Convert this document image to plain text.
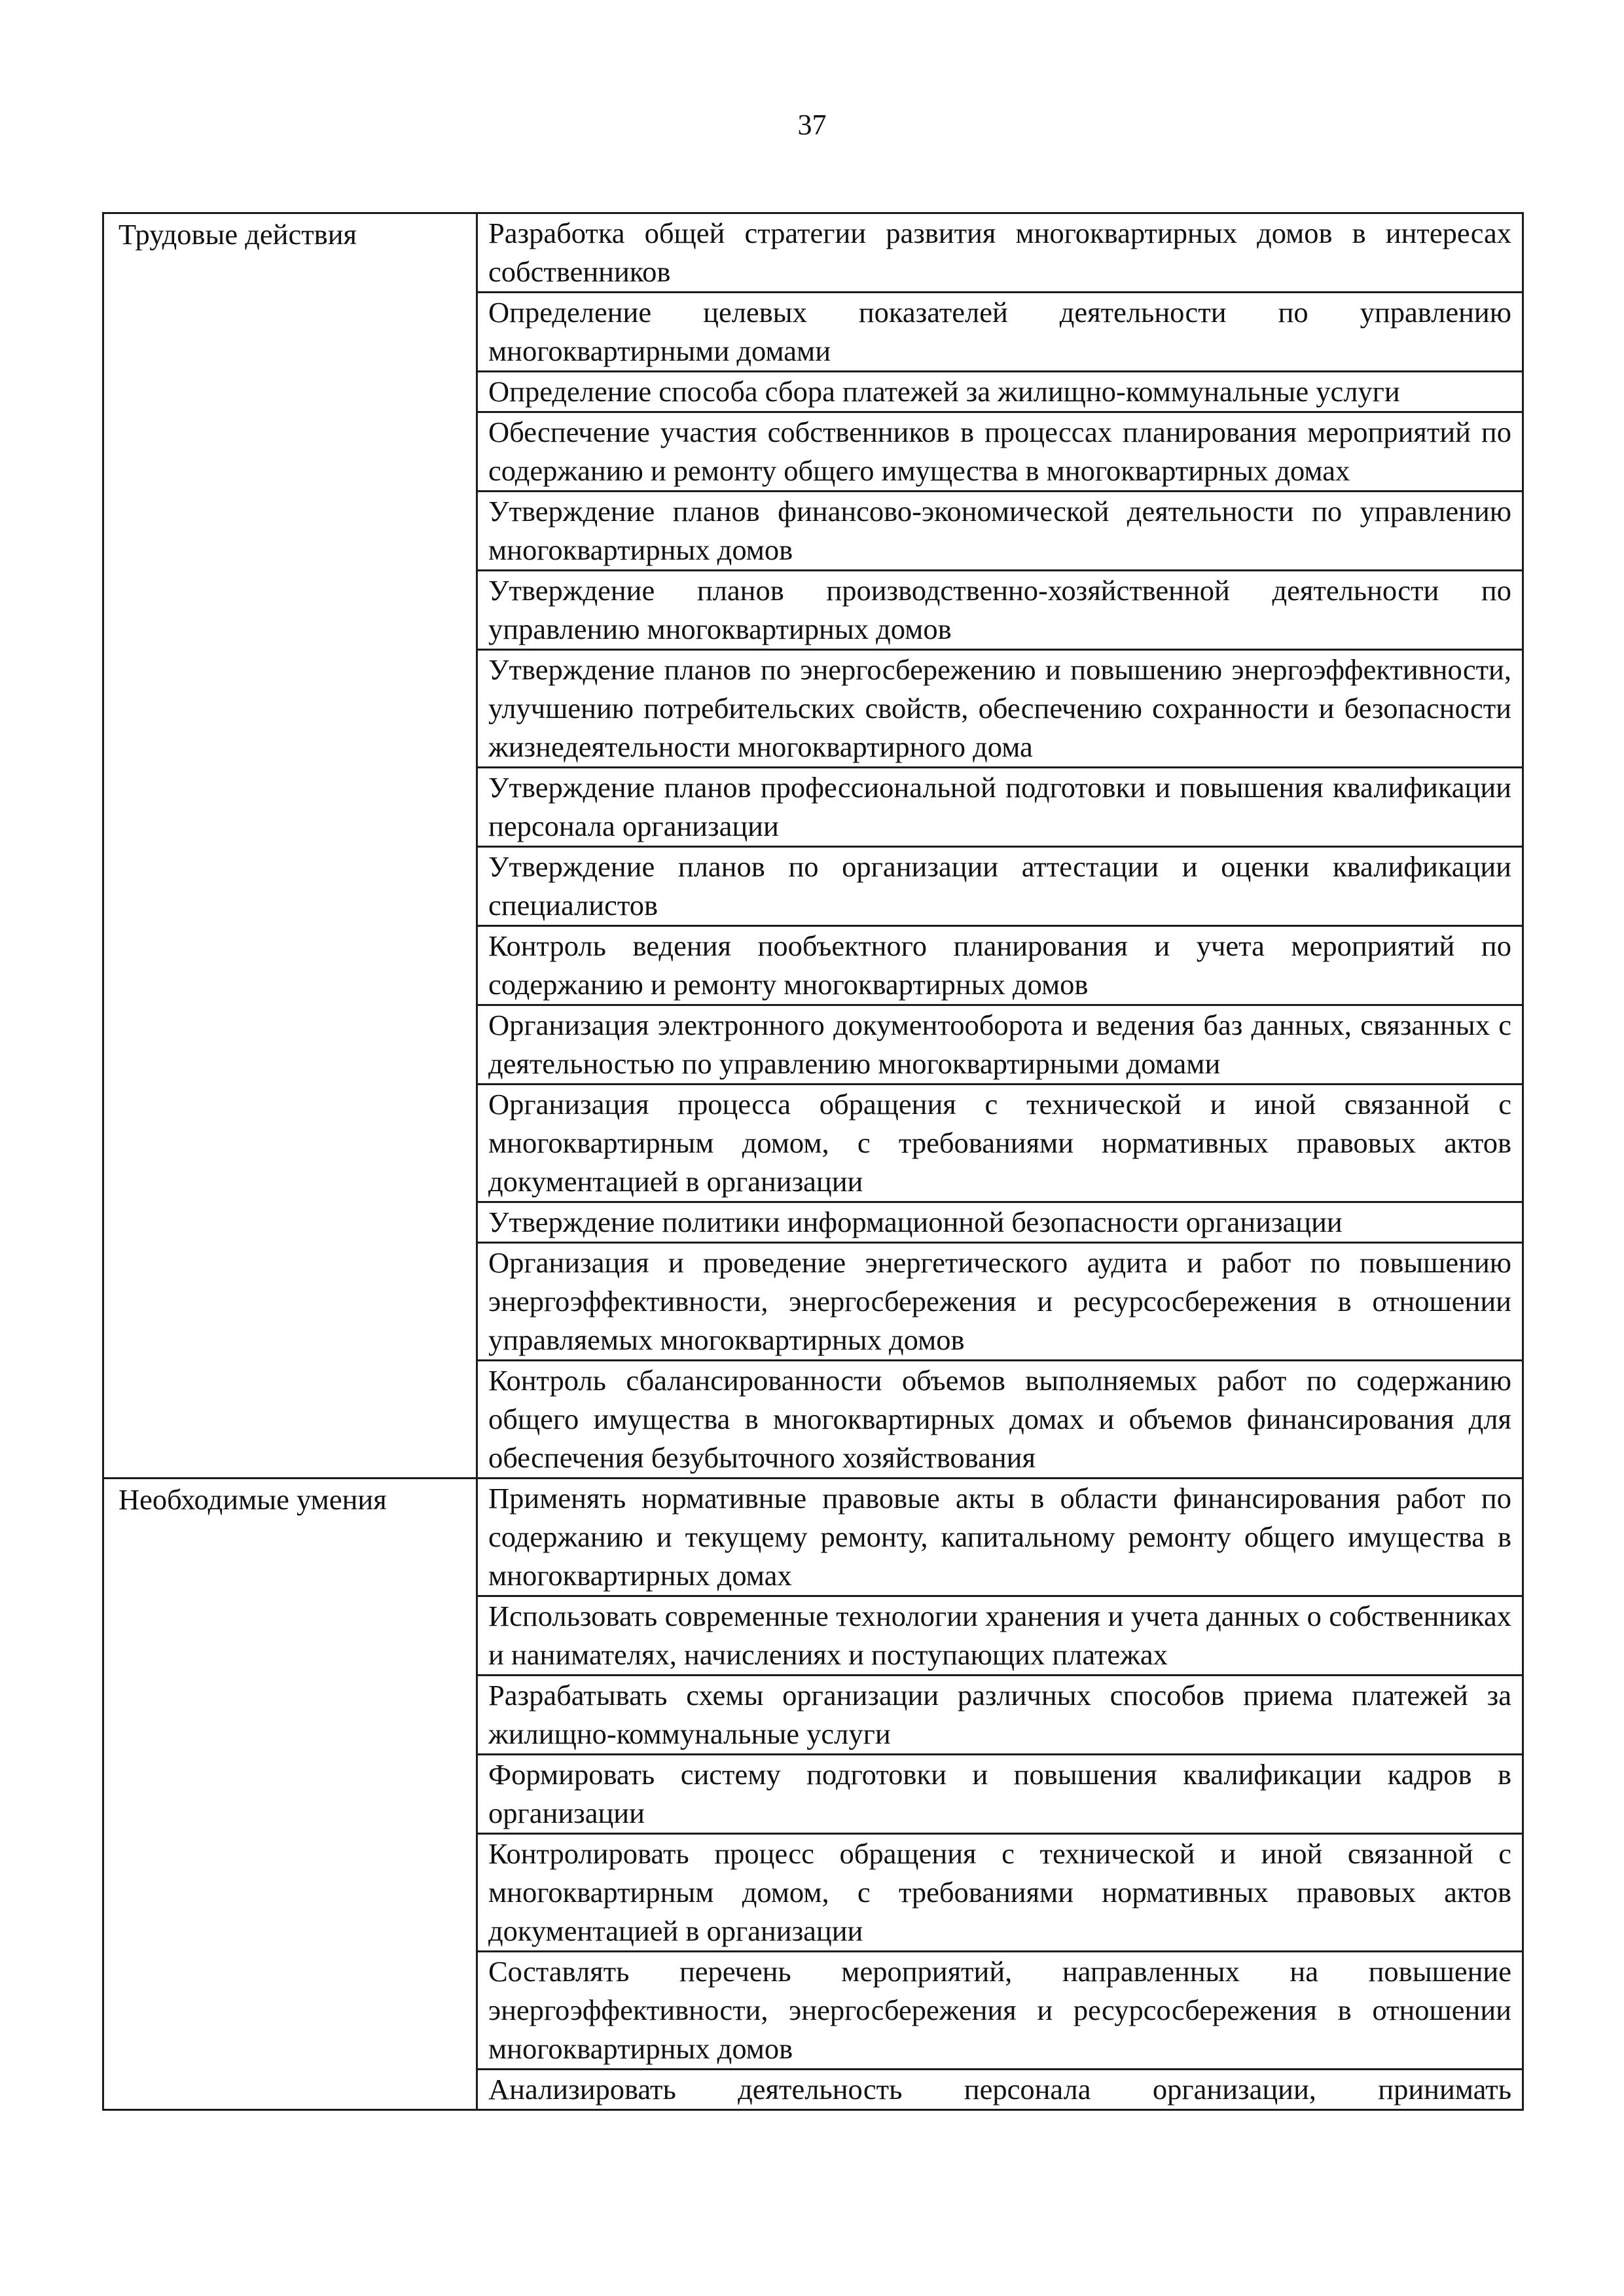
37
Трудовые действия	Разработка общей стратегии развития многоквартирных домов в интересах собственников
	Определение целевых показателей деятельности по управлению многоквартирными домами
	Определение способа сбора платежей за жилищно-коммунальные услуги
	Обеспечение участия собственников в процессах планирования мероприятий по содержанию и ремонту общего имущества в многоквартирных домах
	Утверждение планов финансово-экономической деятельности по управлению многоквартирных домов
	Утверждение планов производственно-хозяйственной деятельности по управлению многоквартирных домов
	Утверждение планов по энергосбережению и повышению энергоэффективности, улучшению потребительских свойств, обеспечению сохранности и безопасности жизнедеятельности многоквартирного дома
	Утверждение планов профессиональной подготовки и повышения квалификации персонала организации
	Утверждение планов по организации аттестации и оценки квалификации специалистов
	Контроль ведения пообъектного планирования и учета мероприятий по содержанию и ремонту многоквартирных домов
	Организация электронного документооборота и ведения баз данных, связанных с деятельностью по управлению многоквартирными домами
	Организация процесса обращения с технической и иной связанной с многоквартирным домом, с требованиями нормативных правовых актов документацией в организации
	Утверждение политики информационной безопасности организации
	Организация и проведение энергетического аудита и работ по повышению энергоэффективности, энергосбережения и ресурсосбережения в отношении управляемых многоквартирных домов
	Контроль сбалансированности объемов выполняемых работ по содержанию общего имущества в многоквартирных домах и объемов финансирования для обеспечения безубыточного хозяйствования
Необходимые умения	Применять нормативные правовые акты в области финансирования работ по содержанию и текущему ремонту, капитальному ремонту общего имущества в многоквартирных домах
	Использовать современные технологии хранения и учета данных о собственниках и нанимателях, начислениях и поступающих платежах
	Разрабатывать схемы организации различных способов приема платежей за жилищно-коммунальные услуги
	Формировать систему подготовки и повышения квалификации кадров в организации
	Контролировать процесс обращения с технической и иной связанной с многоквартирным домом, с требованиями нормативных правовых актов документацией в организации
	Составлять перечень мероприятий, направленных на повышение энергоэффективности, энергосбережения и ресурсосбережения в отношении многоквартирных домов
	Анализировать деятельность персонала организации, принимать
